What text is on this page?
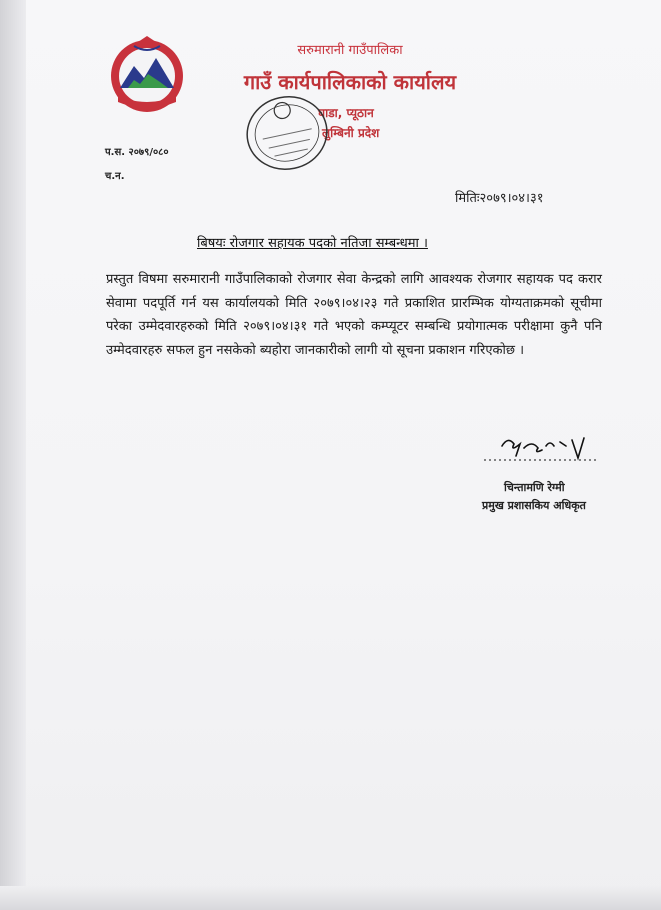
सरुमारानी गाउँपालिका
गाउँ कार्यपालिकाको कार्यालय
घाडा, प्यूठान
लुम्बिनी प्रदेश
प.स. २०७९/०८०
च.न.
मितिः२०७९।०४।३१
बिषयः रोजगार सहायक पदको नतिजा सम्बन्धमा ।
प्रस्तुत विषमा सरुमारानी गाउँपालिकाको रोजगार सेवा केन्द्रको लागि आवश्यक रोजगार सहायक पद करार सेवामा पदपूर्ति गर्न यस कार्यालयको मिति २०७९।०४।२३ गते प्रकाशित प्रारम्भिक योग्यताक्रमको सूचीमा परेका उम्मेदवारहरुको मिति २०७९।०४।३१ गते भएको कम्प्यूटर सम्बन्धि प्रयोगात्मक परीक्षामा कुनै पनि उम्मेदवारहरु सफल हुन नसकेको ब्यहोरा जानकारीको लागी यो सूचना प्रकाशन गरिएकोछ ।
चिन्तामणि रेग्मी
प्रमुख प्रशासकिय अधिकृत
